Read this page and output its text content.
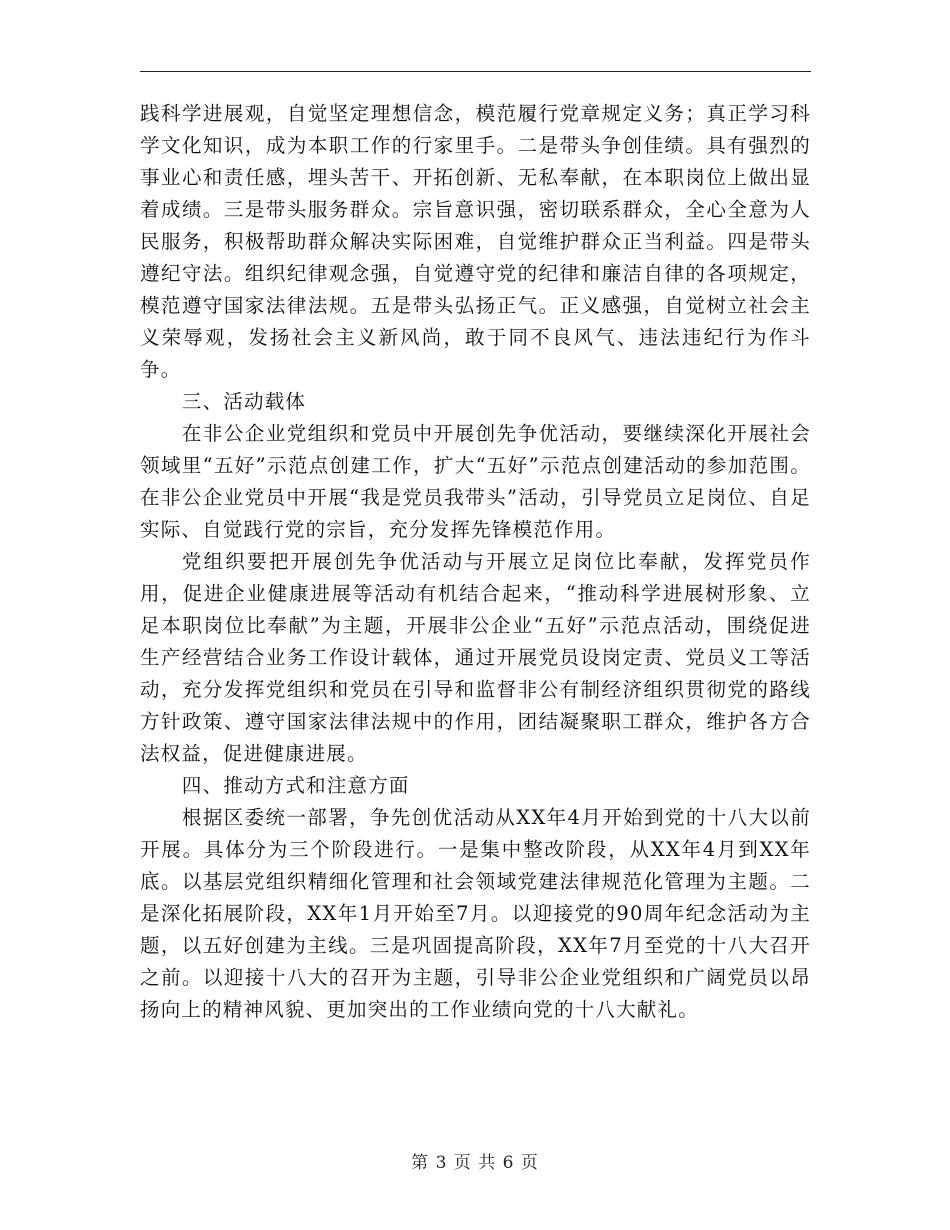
践科学进展观，自觉坚定理想信念，模范履行党章规定义务；真正学习科学文化知识，成为本职工作的行家里手。二是带头争创佳绩。具有强烈的事业心和责任感，埋头苦干、开拓创新、无私奉献，在本职岗位上做出显着成绩。三是带头服务群众。宗旨意识强，密切联系群众，全心全意为人民服务，积极帮助群众解决实际困难，自觉维护群众正当利益。四是带头遵纪守法。组织纪律观念强，自觉遵守党的纪律和廉洁自律的各项规定，模范遵守国家法律法规。五是带头弘扬正气。正义感强，自觉树立社会主义荣辱观，发扬社会主义新风尚，敢于同不良风气、违法违纪行为作斗争。

三、活动载体

在非公企业党组织和党员中开展创先争优活动，要继续深化开展社会领域里“五好”示范点创建工作，扩大“五好”示范点创建活动的参加范围。在非公企业党员中开展“我是党员我带头”活动，引导党员立足岗位、自足实际、自觉践行党的宗旨，充分发挥先锋模范作用。

党组织要把开展创先争优活动与开展立足岗位比奉献，发挥党员作用，促进企业健康进展等活动有机结合起来，“推动科学进展树形象、立足本职岗位比奉献”为主题，开展非公企业“五好”示范点活动，围绕促进生产经营结合业务工作设计载体，通过开展党员设岗定责、党员义工等活动，充分发挥党组织和党员在引导和监督非公有制经济组织贯彻党的路线方针政策、遵守国家法律法规中的作用，团结凝聚职工群众，维护各方合法权益，促进健康进展。

四、推动方式和注意方面

根据区委统一部署，争先创优活动从XX年4月开始到党的十八大以前开展。具体分为三个阶段进行。一是集中整改阶段，从XX年4月到XX年底。以基层党组织精细化管理和社会领域党建法律规范化管理为主题。二是深化拓展阶段，XX年1月开始至7月。以迎接党的90周年纪念活动为主题，以五好创建为主线。三是巩固提高阶段，XX年7月至党的十八大召开之前。以迎接十八大的召开为主题，引导非公企业党组织和广阔党员以昂扬向上的精神风貌、更加突出的工作业绩向党的十八大献礼。

第 3 页 共 6 页
